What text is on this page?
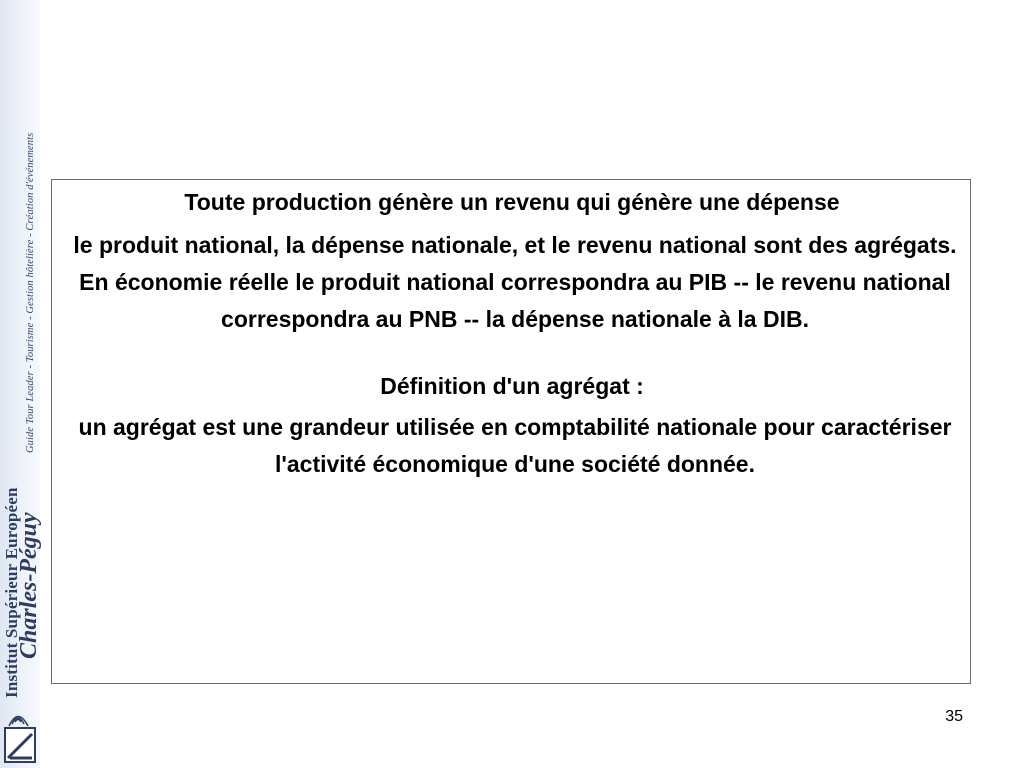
Institut Supérieur Européen
Charles-Péguy
Guide Tour Leader - Tourisme - Gestion hôtelière - Création d'événements	Toute production génère un revenu qui génère une dépense

le produit national, la dépense nationale, et le revenu national sont des agrégats. En économie réelle le produit national correspondra au PIB -- le revenu national correspondra au PNB -- la dépense nationale à la DIB.

Définition d'un agrégat :

un agrégat est une grandeur utilisée en comptabilité nationale pour caractériser l'activité économique d'une société donnée.

35
